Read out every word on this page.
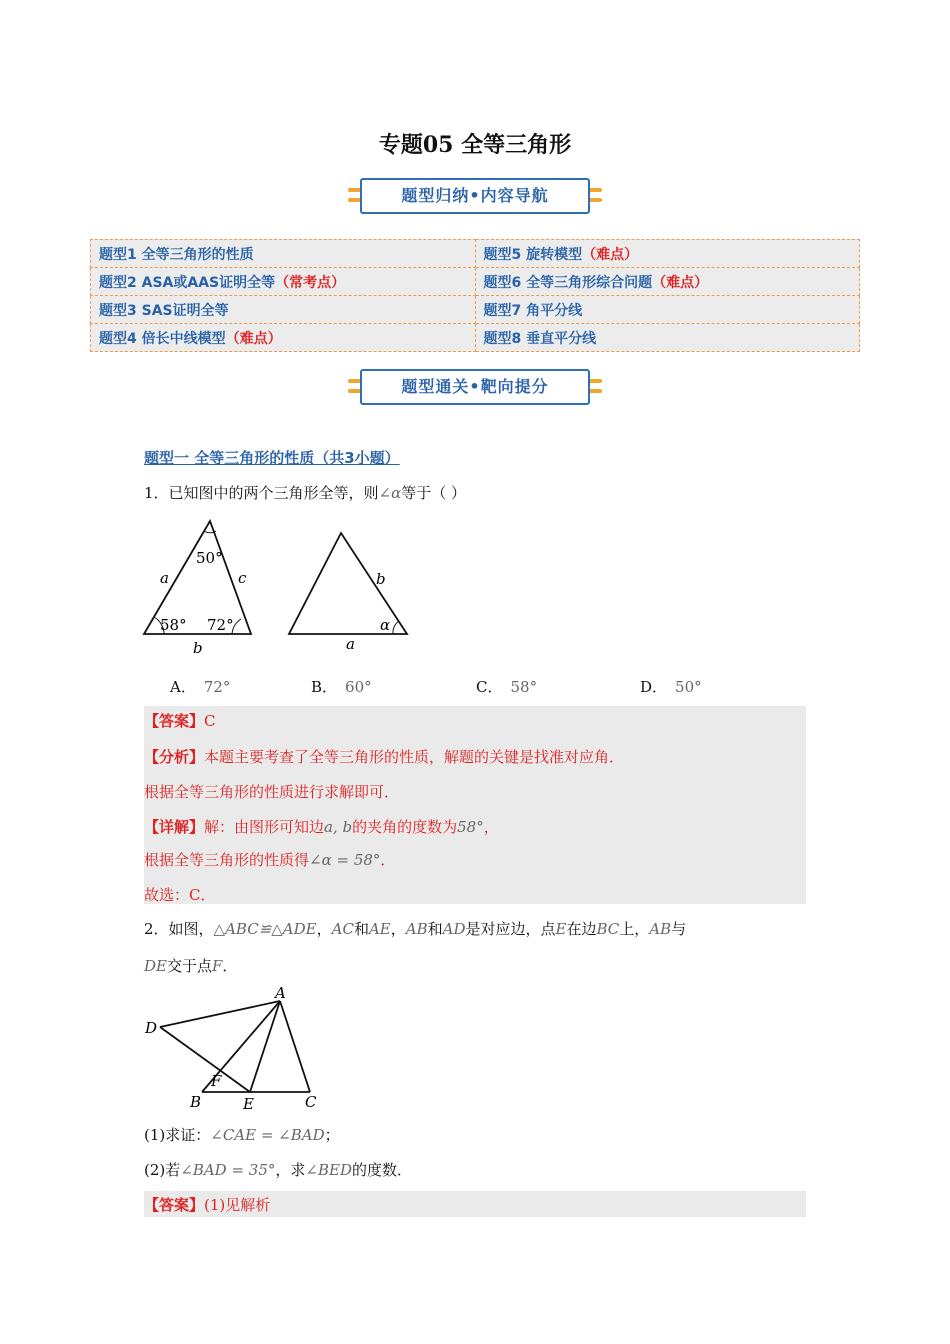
专题05 全等三角形
题型归纳•内容导航
题型1 全等三角形的性质	题型5 旋转模型（难点）
题型2 ASA或AAS证明全等（常考点）	题型6 全等三角形综合问题（难点）
题型3 SAS证明全等	题型7 角平分线
题型4 倍长中线模型（难点）	题型8 垂直平分线
题型通关•靶向提分
题型一 全等三角形的性质（共3小题）
1．已知图中的两个三角形全等，则∠α等于（ ）
50°
a	c
58° 72°
b
b
α
a
A． 72°	B． 60°	C． 58°	D． 50°
【答案】C
【分析】本题主要考查了全等三角形的性质，解题的关键是找准对应角．
根据全等三角形的性质进行求解即可．
【详解】解：由图形可知边a, b的夹角的度数为58°，
根据全等三角形的性质得∠α = 58°．
故选：C．
2．如图，△ABC≌△ADE，AC和AE，AB和AD是对应边，点E在边BC上，AB与
DE交于点F．
A
D
F
B	E	C
(1)求证：∠CAE = ∠BAD；
(2)若∠BAD = 35°，求∠BED的度数．
【答案】(1)见解析
